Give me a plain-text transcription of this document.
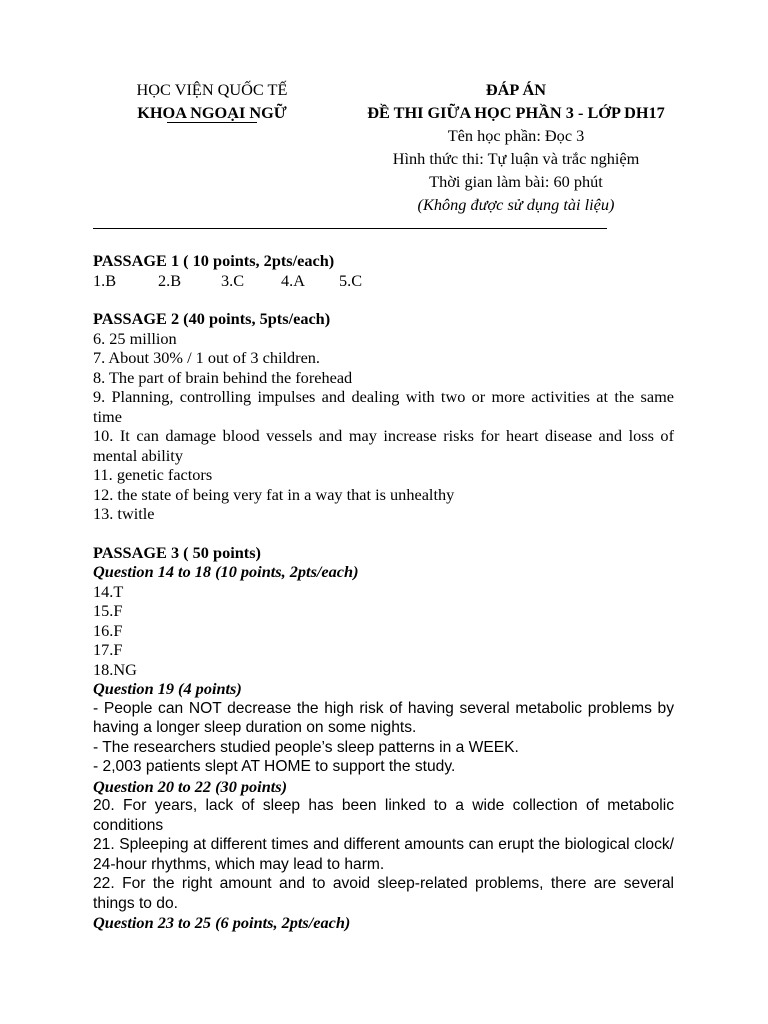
HỌC VIỆN QUỐC TẾ
KHOA NGOẠI NGỮ
ĐÁP ÁN
ĐỀ THI GIỮA HỌC PHẦN 3 - LỚP DH17
Tên học phần: Đọc 3
Hình thức thi: Tự luận và trắc nghiệm
Thời gian làm bài: 60 phút
(Không được sử dụng tài liệu)
PASSAGE 1 ( 10 points, 2pts/each)
1.B	2.B	3.C	4.A	5.C
PASSAGE 2 (40 points, 5pts/each)
6. 25 million
7. About 30% / 1 out of 3 children.
8. The part of brain behind the forehead
9. Planning, controlling impulses and dealing with two or more activities at the same time
10. It can damage blood vessels and may increase risks for heart disease and loss of mental ability
11. genetic factors
12. the state of being very fat in a way that is unhealthy
13. twitle
PASSAGE 3 ( 50 points)
Question 14 to 18 (10 points, 2pts/each)
14.T
15.F
16.F
17.F
18.NG
Question 19 (4 points)
- People can NOT decrease the high risk of having several metabolic problems by having a longer sleep duration on some nights.
- The researchers studied people’s sleep patterns in a WEEK.
- 2,003 patients slept AT HOME to support the study.
Question 20 to 22 (30 points)
20. For years, lack of sleep has been linked to a wide collection of metabolic conditions
21. Spleeping at different times and different amounts can erupt the biological clock/ 24-hour rhythms, which may lead to harm.
22. For the right amount and to avoid sleep-related problems, there are several things to do.
Question 23 to 25 (6 points, 2pts/each)
